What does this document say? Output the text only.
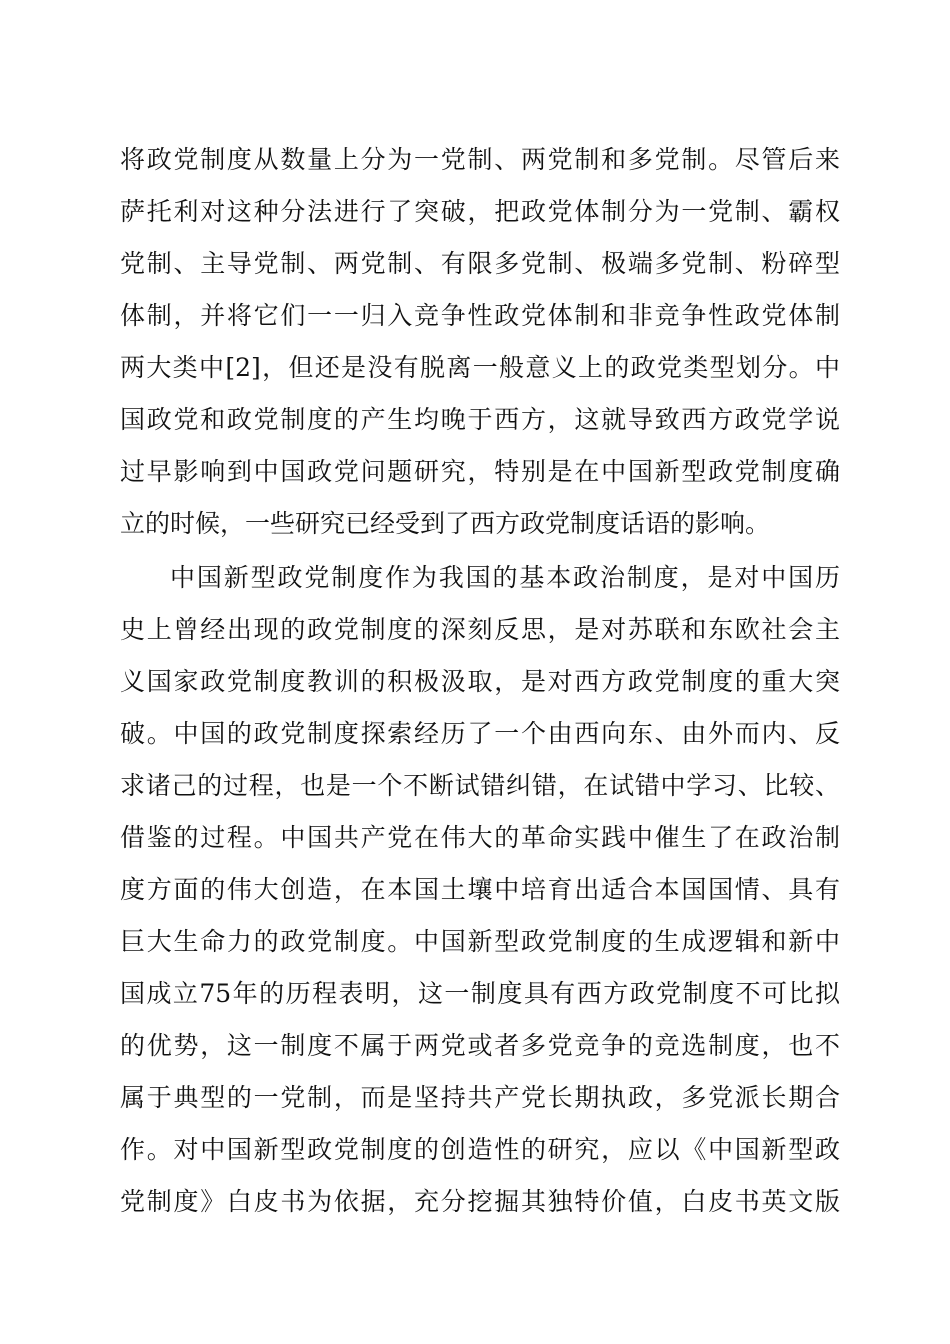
将政党制度从数量上分为一党制、两党制和多党制。尽管后来
萨托利对这种分法进行了突破，把政党体制分为一党制、霸权
党制、主导党制、两党制、有限多党制、极端多党制、粉碎型
体制，并将它们一一归入竞争性政党体制和非竞争性政党体制
两大类中[2]，但还是没有脱离一般意义上的政党类型划分。中
国政党和政党制度的产生均晚于西方，这就导致西方政党学说
过早影响到中国政党问题研究，特别是在中国新型政党制度确
立的时候，一些研究已经受到了西方政党制度话语的影响。
中国新型政党制度作为我国的基本政治制度，是对中国历
史上曾经出现的政党制度的深刻反思，是对苏联和东欧社会主
义国家政党制度教训的积极汲取，是对西方政党制度的重大突
破。中国的政党制度探索经历了一个由西向东、由外而内、反
求诸己的过程，也是一个不断试错纠错，在试错中学习、比较、
借鉴的过程。中国共产党在伟大的革命实践中催生了在政治制
度方面的伟大创造，在本国土壤中培育出适合本国国情、具有
巨大生命力的政党制度。中国新型政党制度的生成逻辑和新中
国成立75年的历程表明，这一制度具有西方政党制度不可比拟
的优势，这一制度不属于两党或者多党竞争的竞选制度，也不
属于典型的一党制，而是坚持共产党长期执政，多党派长期合
作。对中国新型政党制度的创造性的研究，应以《中国新型政
党制度》白皮书为依据，充分挖掘其独特价值，白皮书英文版
